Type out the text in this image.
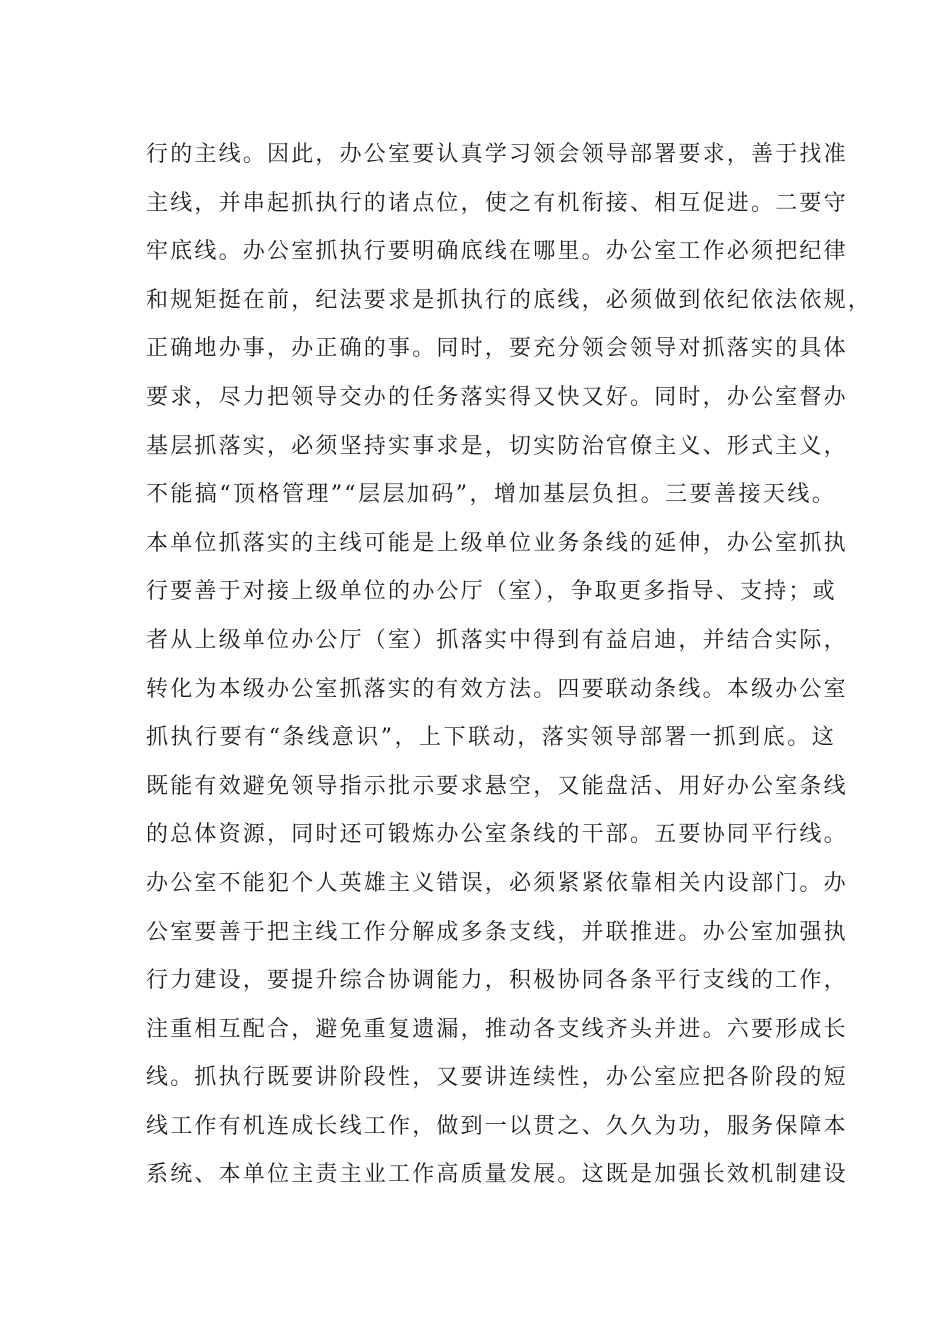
行的主线。因此，办公室要认真学习领会领导部署要求，善于找准
主线，并串起抓执行的诸点位，使之有机衔接、相互促进。二要守
牢底线。办公室抓执行要明确底线在哪里。办公室工作必须把纪律
和规矩挺在前，纪法要求是抓执行的底线，必须做到依纪依法依规，
正确地办事，办正确的事。同时，要充分领会领导对抓落实的具体
要求，尽力把领导交办的任务落实得又快又好。同时，办公室督办
基层抓落实，必须坚持实事求是，切实防治官僚主义、形式主义，
不能搞“顶格管理”“层层加码”，增加基层负担。三要善接天线。
本单位抓落实的主线可能是上级单位业务条线的延伸，办公室抓执
行要善于对接上级单位的办公厅（室），争取更多指导、支持；或
者从上级单位办公厅（室）抓落实中得到有益启迪，并结合实际，
转化为本级办公室抓落实的有效方法。四要联动条线。本级办公室
抓执行要有“条线意识”，上下联动，落实领导部署一抓到底。这
既能有效避免领导指示批示要求悬空，又能盘活、用好办公室条线
的总体资源，同时还可锻炼办公室条线的干部。五要协同平行线。
办公室不能犯个人英雄主义错误，必须紧紧依靠相关内设部门。办
公室要善于把主线工作分解成多条支线，并联推进。办公室加强执
行力建设，要提升综合协调能力，积极协同各条平行支线的工作，
注重相互配合，避免重复遗漏，推动各支线齐头并进。六要形成长
线。抓执行既要讲阶段性，又要讲连续性，办公室应把各阶段的短
线工作有机连成长线工作，做到一以贯之、久久为功，服务保障本
系统、本单位主责主业工作高质量发展。这既是加强长效机制建设
